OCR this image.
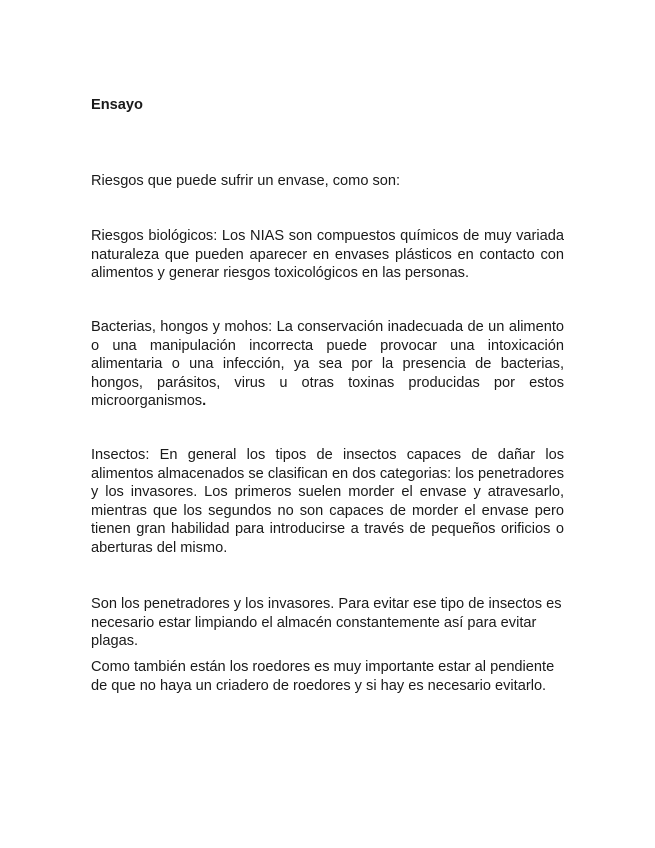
Ensayo

Riesgos que puede sufrir un envase, como son:

Riesgos biológicos: Los NIAS son compuestos químicos de muy variada naturaleza que pueden aparecer en envases plásticos en contacto con alimentos y generar riesgos toxicológicos en las personas.

Bacterias, hongos y mohos: La conservación inadecuada de un alimento o una manipulación incorrecta puede provocar una intoxicación alimentaria o una infección, ya sea por la presencia de bacterias, hongos, parásitos, virus u otras toxinas producidas por estos microorganismos.

Insectos: En general los tipos de insectos capaces de dañar los alimentos almacenados se clasifican en dos categorias: los penetradores y los invasores. Los primeros suelen morder el envase y atravesarlo, mientras que los segundos no son capaces de morder el envase pero tienen gran habilidad para introducirse a través de pequeños orificios o aberturas del mismo.

Son los penetradores y los invasores. Para evitar ese tipo de insectos es necesario estar limpiando el almacén constantemente así para evitar plagas.

Como también están los roedores es muy importante estar al pendiente de que no haya un criadero de roedores y si hay es necesario evitarlo.
